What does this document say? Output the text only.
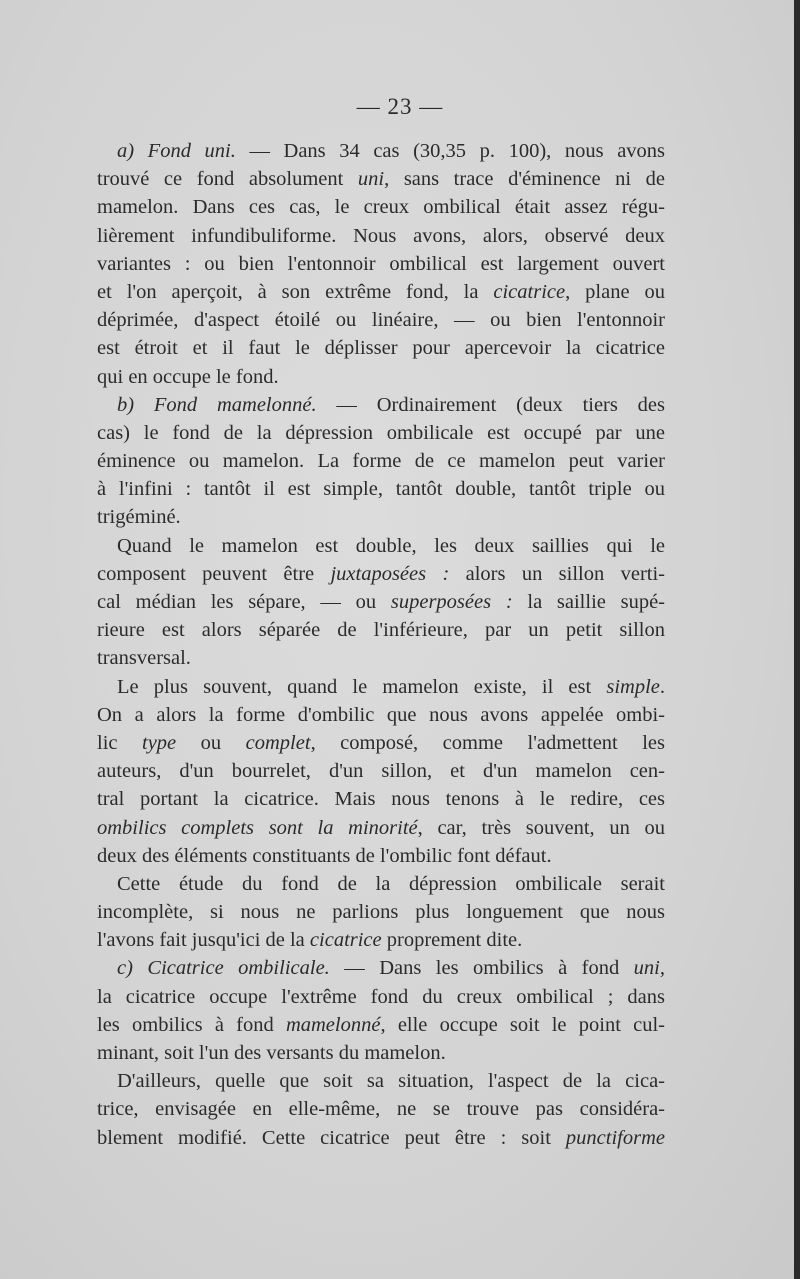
— 23 —
a) Fond uni. — Dans 34 cas (30,35 p. 100), nous avons
trouvé ce fond absolument uni, sans trace d'éminence ni de
mamelon. Dans ces cas, le creux ombilical était assez régu-
lièrement infundibuliforme. Nous avons, alors, observé deux
variantes : ou bien l'entonnoir ombilical est largement ouvert
et l'on aperçoit, à son extrême fond, la cicatrice, plane ou
déprimée, d'aspect étoilé ou linéaire, — ou bien l'entonnoir
est étroit et il faut le déplisser pour apercevoir la cicatrice
qui en occupe le fond.
b) Fond mamelonné. — Ordinairement (deux tiers des
cas) le fond de la dépression ombilicale est occupé par une
éminence ou mamelon. La forme de ce mamelon peut varier
à l'infini : tantôt il est simple, tantôt double, tantôt triple ou
trigéminé.
Quand le mamelon est double, les deux saillies qui le
composent peuvent être juxtaposées : alors un sillon verti-
cal médian les sépare, — ou superposées : la saillie supé-
rieure est alors séparée de l'inférieure, par un petit sillon
transversal.
Le plus souvent, quand le mamelon existe, il est simple.
On a alors la forme d'ombilic que nous avons appelée ombi-
lic type ou complet, composé, comme l'admettent les
auteurs, d'un bourrelet, d'un sillon, et d'un mamelon cen-
tral portant la cicatrice. Mais nous tenons à le redire, ces
ombilics complets sont la minorité, car, très souvent, un ou
deux des éléments constituants de l'ombilic font défaut.
Cette étude du fond de la dépression ombilicale serait
incomplète, si nous ne parlions plus longuement que nous
l'avons fait jusqu'ici de la cicatrice proprement dite.
c) Cicatrice ombilicale. — Dans les ombilics à fond uni,
la cicatrice occupe l'extrême fond du creux ombilical ; dans
les ombilics à fond mamelonné, elle occupe soit le point cul-
minant, soit l'un des versants du mamelon.
D'ailleurs, quelle que soit sa situation, l'aspect de la cica-
trice, envisagée en elle-même, ne se trouve pas considéra-
blement modifié. Cette cicatrice peut être : soit punctiforme
